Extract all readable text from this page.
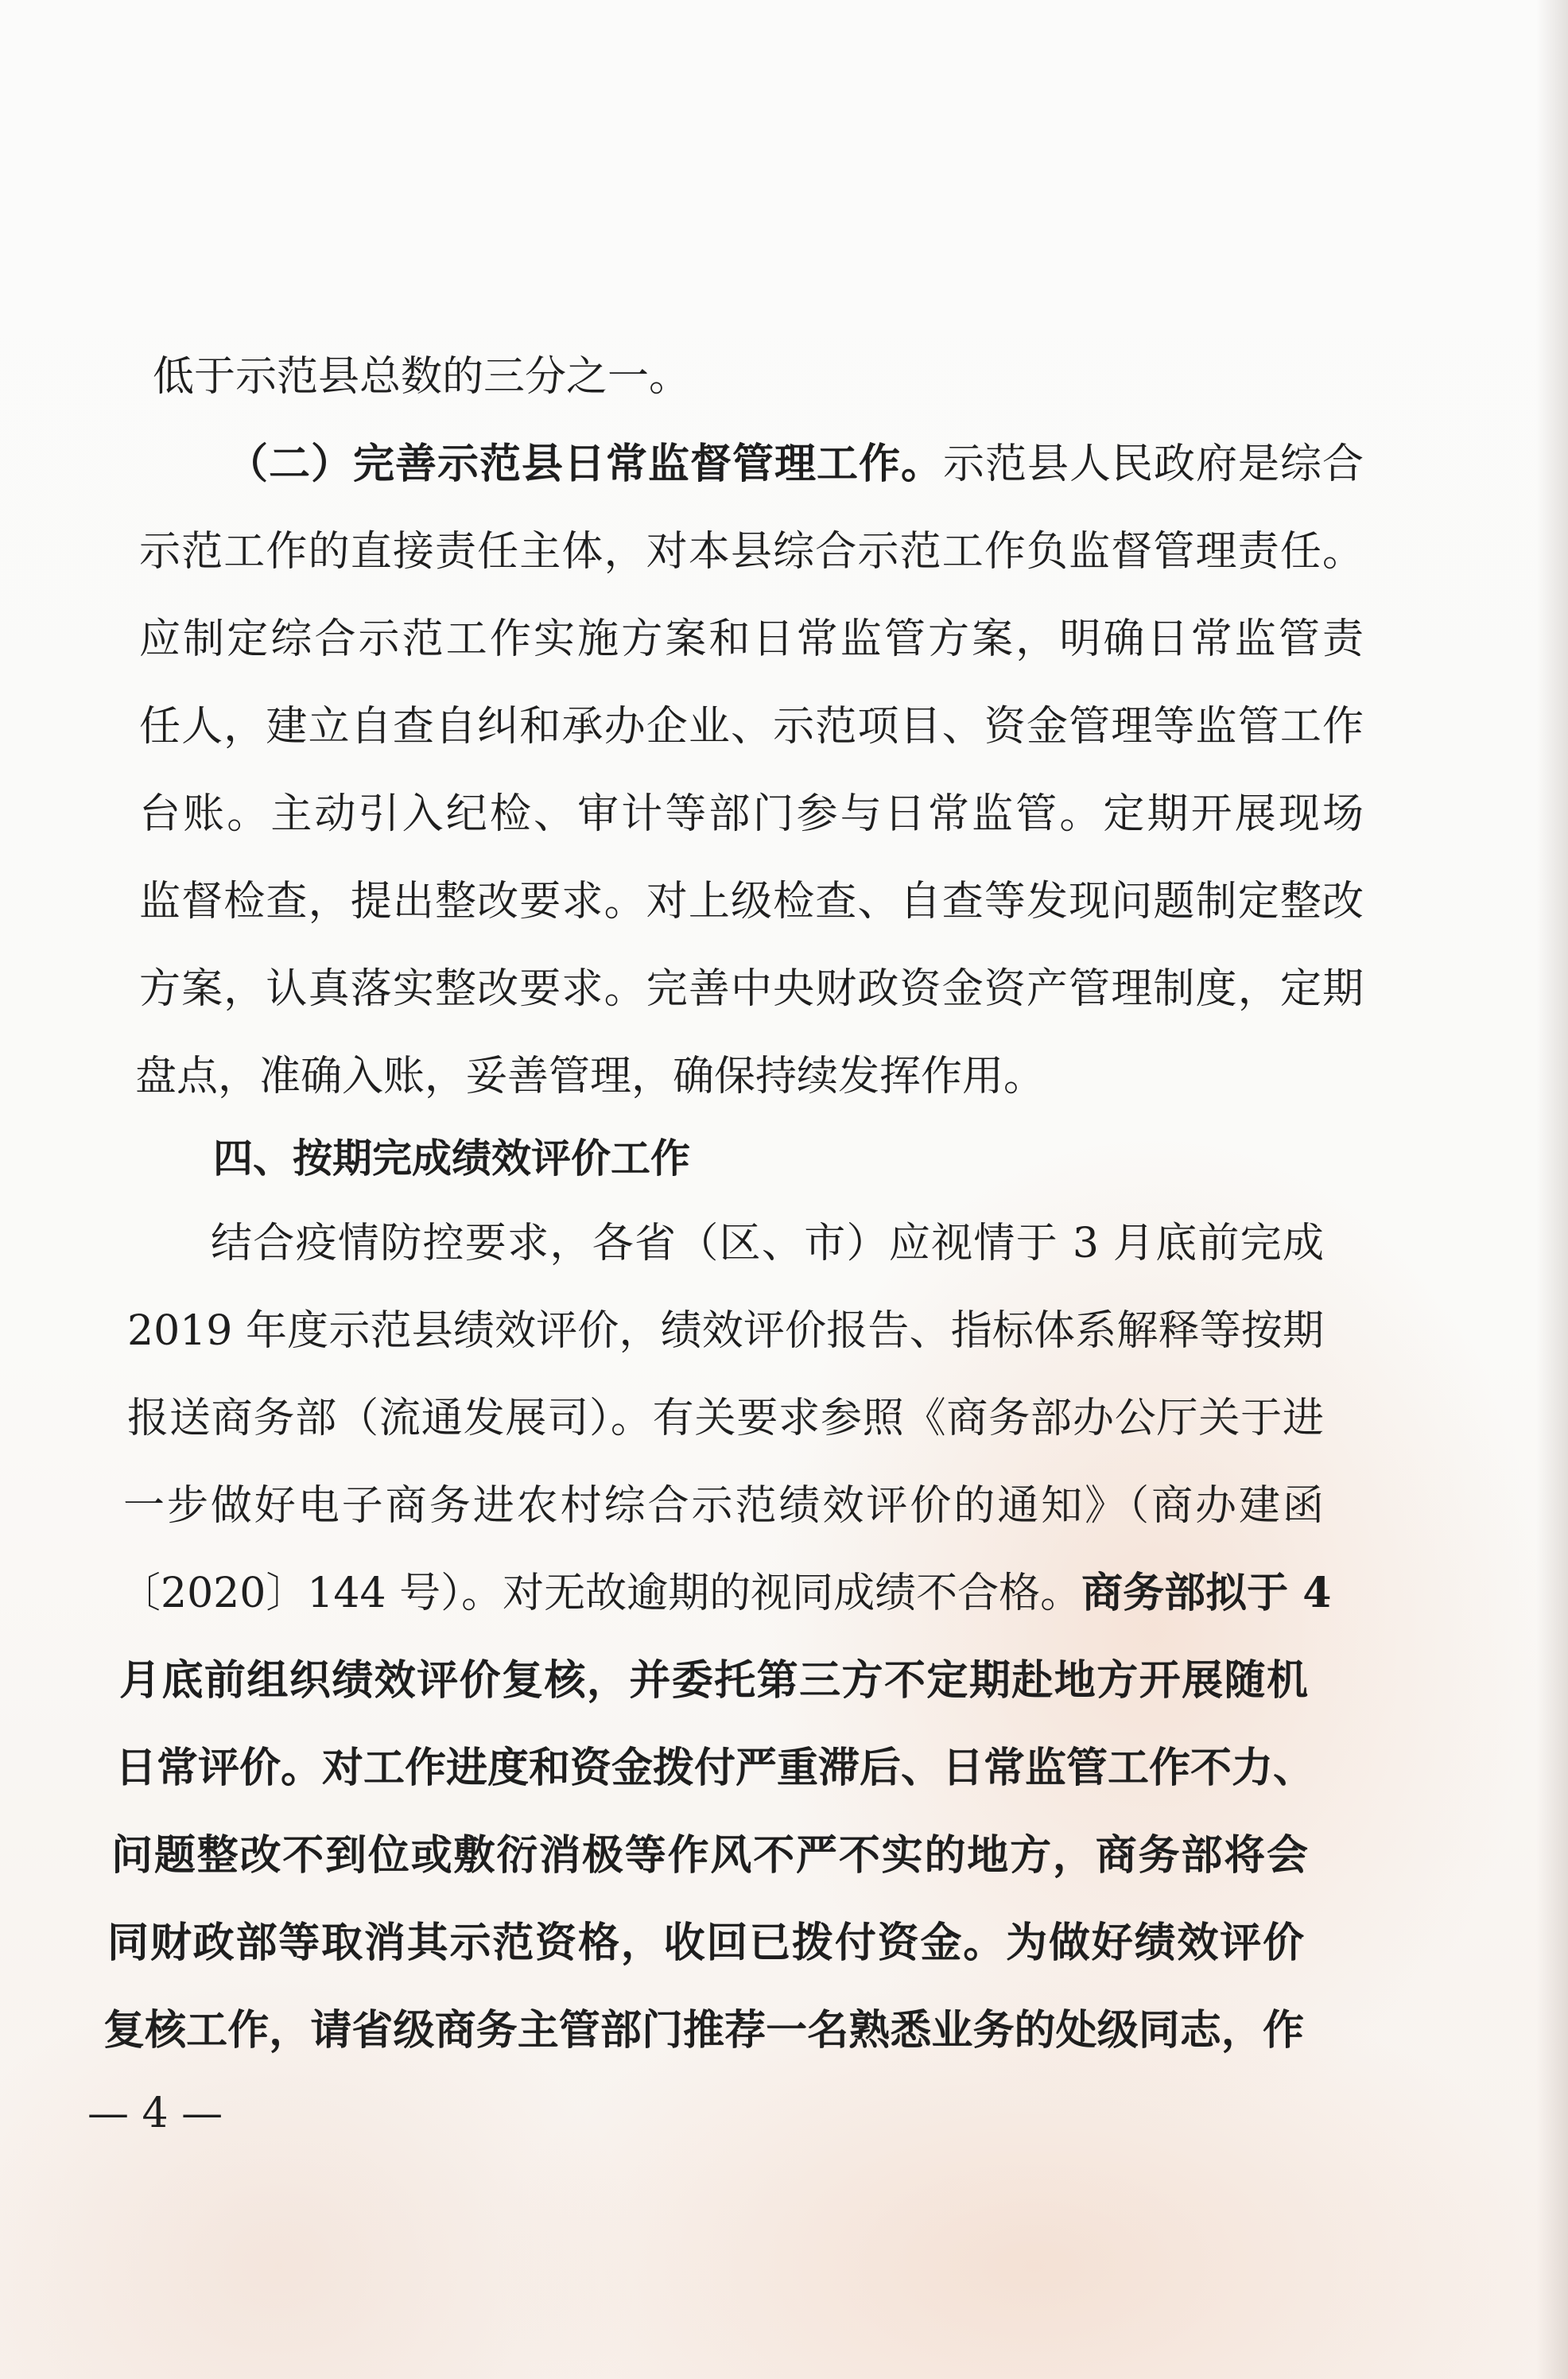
低于示范县总数的三分之一。
（二）完善示范县日常监督管理工作。示范县人民政府是综合
示范工作的直接责任主体，对本县综合示范工作负监督管理责任。
应制定综合示范工作实施方案和日常监管方案，明确日常监管责
任人，建立自查自纠和承办企业、示范项目、资金管理等监管工作
台账。主动引入纪检、审计等部门参与日常监管。定期开展现场
监督检查，提出整改要求。对上级检查、自查等发现问题制定整改
方案，认真落实整改要求。完善中央财政资金资产管理制度，定期
盘点，准确入账，妥善管理，确保持续发挥作用。
四、按期完成绩效评价工作
结合疫情防控要求，各省（区、市）应视情于 3 月底前完成
2019 年度示范县绩效评价，绩效评价报告、指标体系解释等按期
报送商务部（流通发展司）。有关要求参照《商务部办公厅关于进
一步做好电子商务进农村综合示范绩效评价的通知》（商办建函
〔2020〕144 号）。对无故逾期的视同成绩不合格。商务部拟于 4
月底前组织绩效评价复核，并委托第三方不定期赴地方开展随机
日常评价。对工作进度和资金拨付严重滞后、日常监管工作不力、
问题整改不到位或敷衍消极等作风不严不实的地方，商务部将会
同财政部等取消其示范资格，收回已拨付资金。为做好绩效评价
复核工作，请省级商务主管部门推荐一名熟悉业务的处级同志，作
— 4 —
